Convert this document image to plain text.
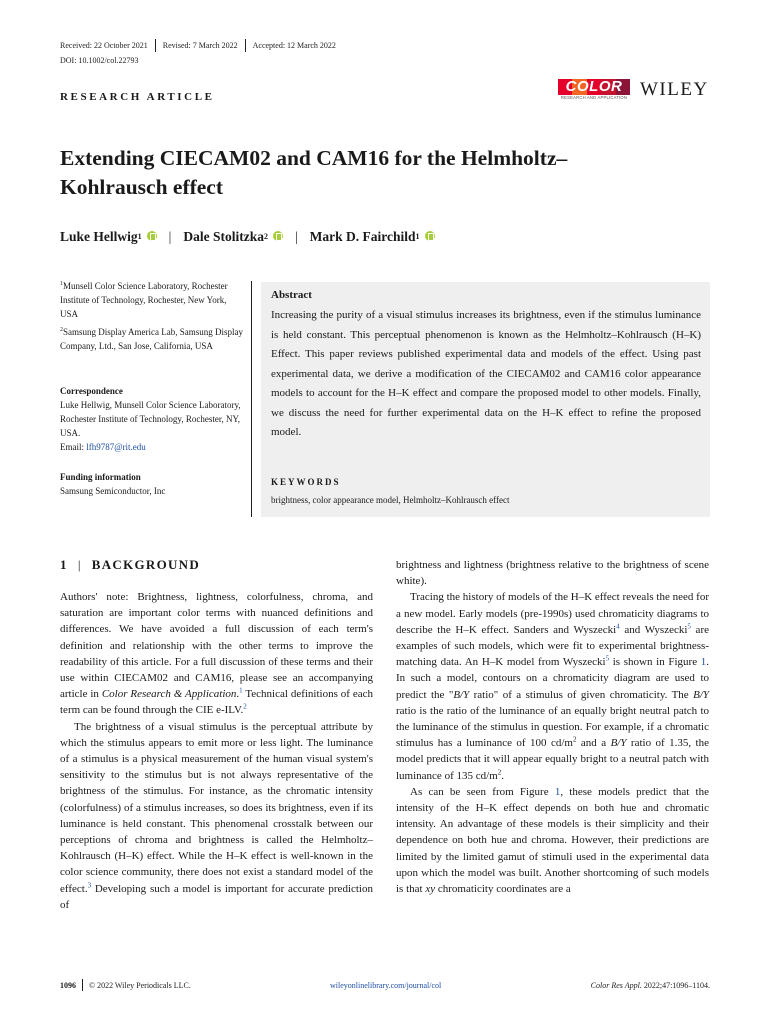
Received: 22 October 2021 Revised: 7 March 2022 Accepted: 12 March 2022
DOI: 10.1002/col.22793
RESEARCH ARTICLE
COLOR
RESEARCH AND APPLICATION WILEY
Extending CIECAM02 and CAM16 for the Helmholtz–Kohlrausch effect
Luke Hellwig 1 | Dale Stolitzka 2 | Mark D. Fairchild 1
$^1$Munsell Color Science Laboratory, Rochester Institute of Technology, Rochester, New York, USA
$^2$Samsung Display America Lab, Samsung Display Company, Ltd., San Jose, California, USA
Correspondence
Luke Hellwig, Munsell Color Science Laboratory, Rochester Institute of Technology, Rochester, NY, USA.
Email: lfh9787@rit.edu
Funding information
Samsung Semiconductor, Inc
Abstract
Increasing the purity of a visual stimulus increases its brightness, even if the stimulus luminance is held constant. This perceptual phenomenon is known as the Helmholtz–Kohlrausch (H–K) Effect. This paper reviews published experimental data and models of the effect. Using past experimental data, we derive a modification of the CIECAM02 and CAM16 color appearance models to account for the H–K effect and compare the proposed model to other models. Finally, we discuss the need for further experimental data on the H–K effect to refine the proposed model.
KEYWORDS
brightness, color appearance model, Helmholtz–Kohlrausch effect
1 | BACKGROUND

Authors' note: Brightness, lightness, colorfulness, chroma, and saturation are important color terms with nuanced definitions and differences. We have avoided a full discussion of each term's definition and relationship with the other terms to improve the readability of this article. For a full discussion of these terms and their use within CIECAM02 and CAM16, please see an accompanying article in Color Research & Application.$^1$ Technical definitions of each term can be found through the CIE e-ILV.$^2$

The brightness of a visual stimulus is the perceptual attribute by which the stimulus appears to emit more or less light. The luminance of a stimulus is a physical measurement of the human visual system's sensitivity to the stimulus but is not always representative of the brightness of the stimulus. For instance, as the chromatic intensity (colorfulness) of a stimulus increases, so does its brightness, even if its luminance is held constant. This phenomenal crosstalk between our perceptions of chroma and brightness is called the Helmholtz–Kohlrausch (H–K) effect. While the H–K effect is well-known in the color science community, there does not exist a standard model of the effect.$^3$ Developing such a model is important for accurate prediction of

brightness and lightness (brightness relative to the brightness of scene white).

Tracing the history of models of the H–K effect reveals the need for a new model. Early models (pre-1990s) used chromaticity diagrams to describe the H–K effect. Sanders and Wyszecki$^4$ and Wyszecki$^5$ are examples of such models, which were fit to experimental brightness-matching data. An H–K model from Wyszecki$^5$ is shown in Figure 1. In such a model, contours on a chromaticity diagram are used to predict the "B/Y ratio" of a stimulus of given chromaticity. The B/Y ratio is the ratio of the luminance of an equally bright neutral patch to the luminance of the stimulus in question. For example, if a chromatic stimulus has a luminance of 100 $cd/m^2$ and a B/Y ratio of 1.35, the model predicts that it will appear equally bright to a neutral patch with luminance of 135 $cd/m^2$.

As can be seen from Figure 1, these models predict that the intensity of the H–K effect depends on both hue and chromatic intensity. An advantage of these models is their simplicity and their dependence on both hue and chroma. However, their predictions are limited by the limited gamut of stimuli used in the experimental data upon which the model was built. Another shortcoming of such models is that xy chromaticity coordinates are a

1096 © 2022 Wiley Periodicals LLC.	wileyonlinelibrary.com/journal/col	Color Res Appl. 2022;47:1096–1104.
